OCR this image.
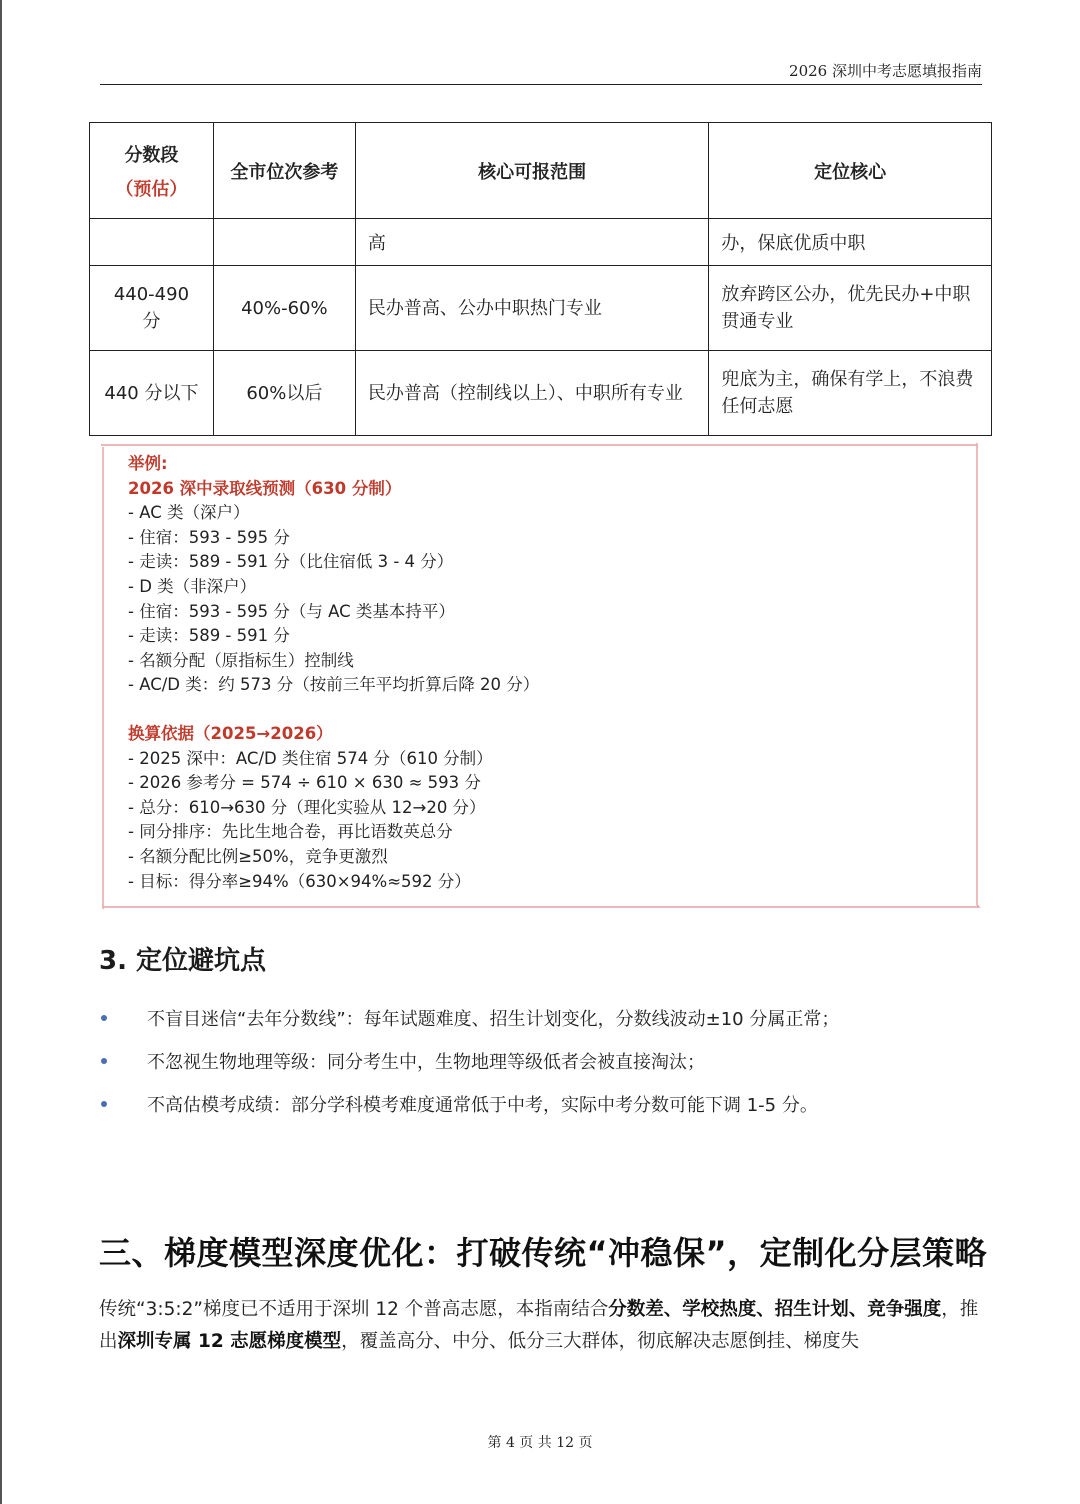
2026 深圳中考志愿填报指南
分数段
（预估）	全市位次参考	核心可报范围	定位核心
		高	办，保底优质中职
440-490 分	40%-60%	民办普高、公办中职热门专业	放弃跨区公办，优先民办+中职贯通专业
440 分以下	60%以后	民办普高（控制线以上）、中职所有专业	兜底为主，确保有学上，不浪费任何志愿
举例:
2026 深中录取线预测（630 分制）
- AC 类（深户）
- 住宿：593 - 595 分
- 走读：589 - 591 分（比住宿低 3 - 4 分）
- D 类（非深户）
- 住宿：593 - 595 分（与 AC 类基本持平）
- 走读：589 - 591 分
- 名额分配（原指标生）控制线
- AC/D 类：约 573 分（按前三年平均折算后降 20 分）
换算依据（2025→2026）
- 2025 深中：AC/D 类住宿 574 分（610 分制）
- 2026 参考分 = 574 ÷ 610 × 630 ≈ 593 分
- 总分：610→630 分（理化实验从 12→20 分）
- 同分排序：先比生地合卷，再比语数英总分
- 名额分配比例≥50%，竞争更激烈
- 目标：得分率≥94%（630×94%≈592 分）
3. 定位避坑点
不盲目迷信“去年分数线”：每年试题难度、招生计划变化，分数线波动±10 分属正常；
不忽视生物地理等级：同分考生中，生物地理等级低者会被直接淘汰；
不高估模考成绩：部分学科模考难度通常低于中考，实际中考分数可能下调 1-5 分。
三、梯度模型深度优化：打破传统“冲稳保”，定制化分层策略

传统“3:5:2”梯度已不适用于深圳 12 个普高志愿，本指南结合分数差、学校热度、招生计划、竞争强度，推出深圳专属 12 志愿梯度模型，覆盖高分、中分、低分三大群体，彻底解决志愿倒挂、梯度失

第 4 页 共 12 页
